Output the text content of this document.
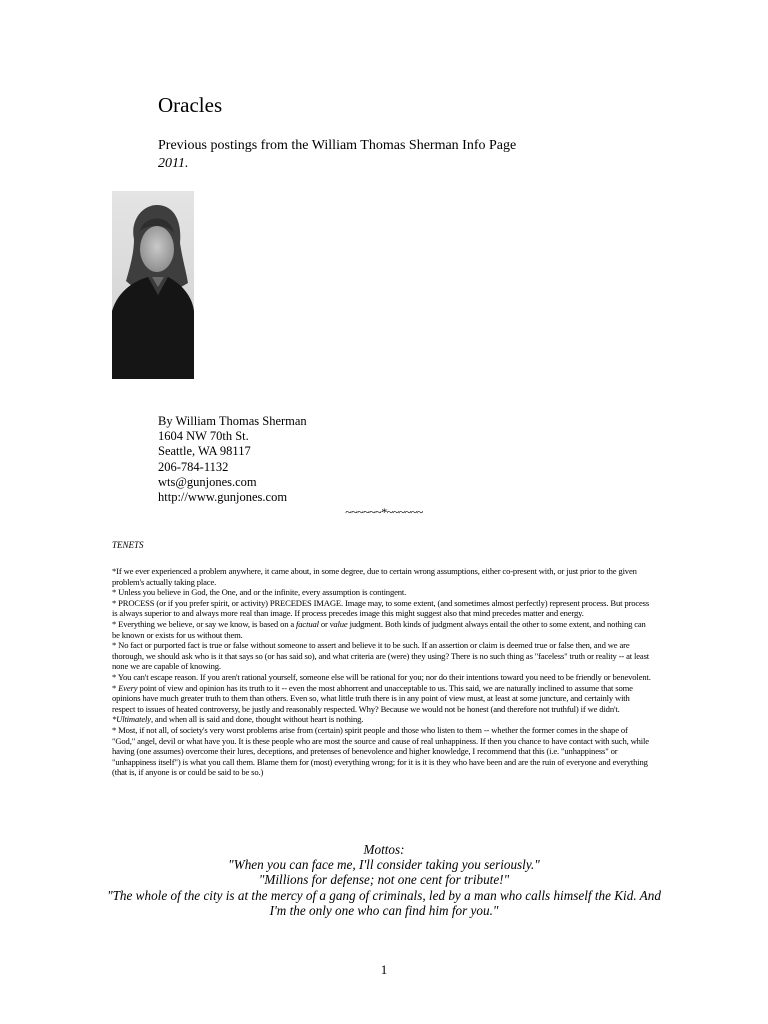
Oracles
Previous postings from the William Thomas Sherman Info Page
2011.
By William Thomas Sherman
1604 NW 70th St.
Seattle, WA 98117
206-784-1132
wts@gunjones.com
http://www.gunjones.com
~~~~~~*~~~~~~
TENETS

*If we ever experienced a problem anywhere, it came about, in some degree, due to certain wrong assumptions, either co-present with, or just prior to the given problem's actually taking place.

* Unless you believe in God, the One, and or the infinite, every assumption is contingent.

* PROCESS (or if you prefer spirit, or activity) PRECEDES IMAGE. Image may, to some extent, (and sometimes almost perfectly) represent process. But process is always superior to and always more real than image. If process precedes image this might suggest also that mind precedes matter and energy.

* Everything we believe, or say we know, is based on a factual or value judgment. Both kinds of judgment always entail the other to some extent, and nothing can be known or exists for us without them.

* No fact or purported fact is true or false without someone to assert and believe it to be such. If an assertion or claim is deemed true or false then, and we are thorough, we should ask who is it that says so (or has said so), and what criteria are (were) they using? There is no such thing as "faceless" truth or reality -- at least none we are capable of knowing.

* You can't escape reason. If you aren't rational yourself, someone else will be rational for you; nor do their intentions toward you need to be friendly or benevolent.

* Every point of view and opinion has its truth to it -- even the most abhorrent and unacceptable to us. This said, we are naturally inclined to assume that some opinions have much greater truth to them than others. Even so, what little truth there is in any point of view must, at least at some juncture, and certainly with respect to issues of heated controversy, be justly and reasonably respected. Why? Because we would not be honest (and therefore not truthful) if we didn't.

*Ultimately, and when all is said and done, thought without heart is nothing.

* Most, if not all, of society's very worst problems arise from (certain) spirit people and those who listen to them -- whether the former comes in the shape of "God," angel, devil or what have you. It is these people who are most the source and cause of real unhappiness. If then you chance to have contact with such, while having (one assumes) overcome their lures, deceptions, and pretenses of benevolence and higher knowledge, I recommend that this (i.e. "unhappiness" or "unhappiness itself") is what you call them. Blame them for (most) everything wrong; for it is it is they who have been and are the ruin of everyone and everything (that is, if anyone is or could be said to be so.)

Mottos:
"When you can face me, I'll consider taking you seriously."
"Millions for defense; not one cent for tribute!"
"The whole of the city is at the mercy of a gang of criminals, led by a man who calls himself the Kid. And
I'm the only one who can find him for you."
1
